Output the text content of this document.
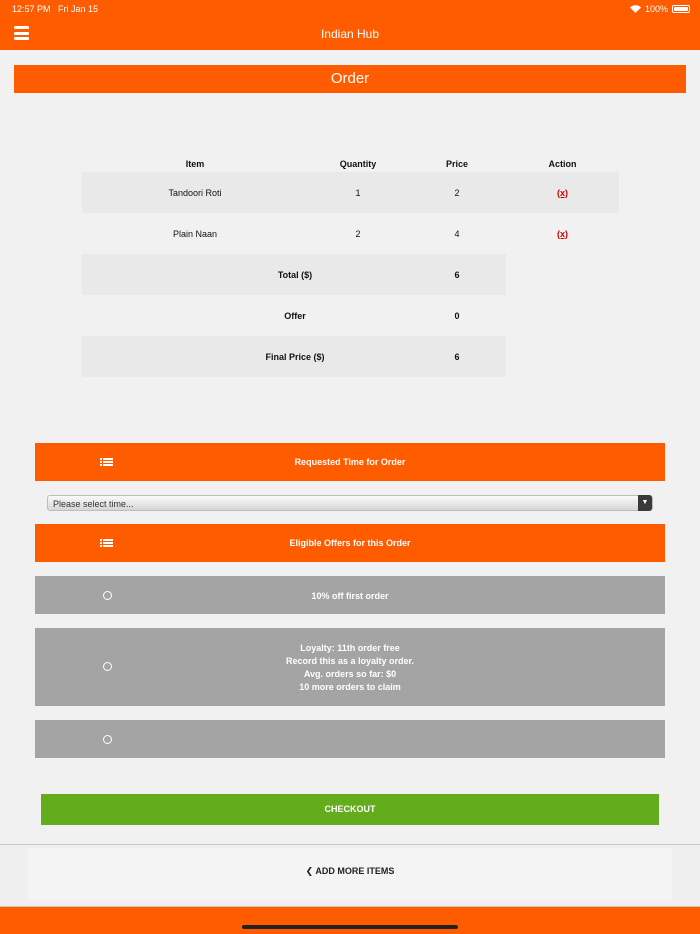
12:57 PM Fri Jan 15	100%
Indian Hub
Order
Item	Quantity	Price	Action
Tandoori Roti	1	2	(x)
Plain Naan	2	4	(x)
Total ($)		6	
Offer		0	
Final Price ($)		6	
Requested Time for Order
Please select time...	▼
Eligible Offers for this Order
10% off first order
Loyalty: 11th order free
Record this as a loyalty order.
Avg. orders so far: $0
10 more orders to claim
CHECKOUT
❮ ADD MORE ITEMS
